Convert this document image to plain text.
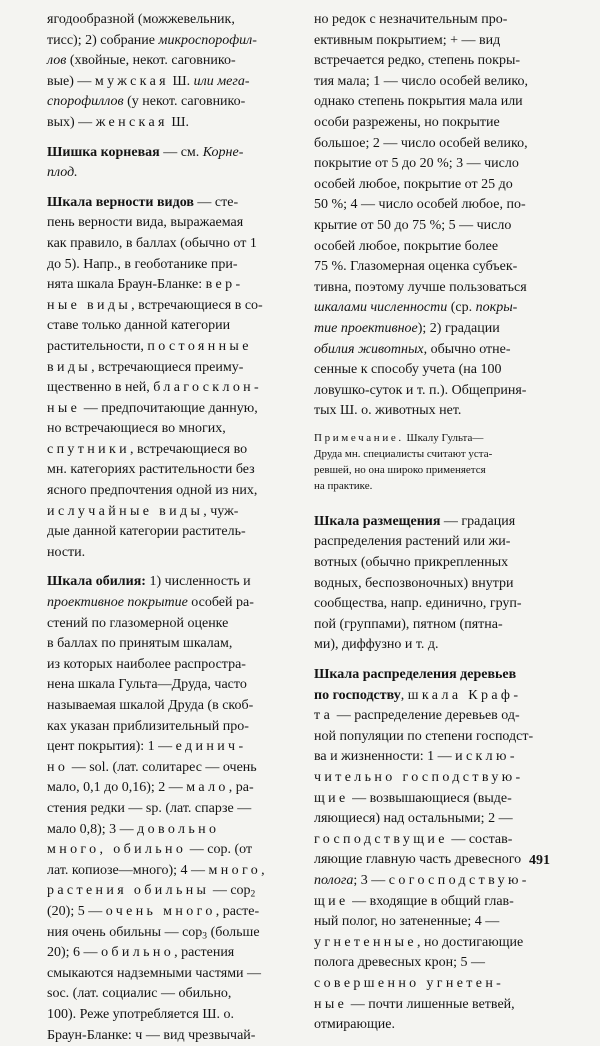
ягодообразной (можжевельник,
тисс); 2) собрание микроспорофил-
лов (хвойные, некот. саговнико-
вые) — мужская Ш. или мега-
спорофиллов (у некот. саговнико-
вых) — женская Ш.
Шишка корневая — см. Корне-
плод.
Шкала верности видов — сте-
пень верности вида, выражаемая
как правило, в баллах (обычно от 1
до 5). Напр., в геоботанике при-
нята шкала Браун-Бланке: вер-
ные виды, встречающиеся в со-
ставе только данной категории
растительности, постоянные
виды, встречающиеся преиму-
щественно в ней, благосклон-
ные — предпочитающие данную,
но встречающиеся во многих,
спутники, встречающиеся во
мн. категориях растительности без
ясного предпочтения одной из них,
и случайные виды, чуж-
дые данной категории раститель-
ности.
Шкала обилия: 1) численность и
проективное покрытие особей ра-
стений по глазомерной оценке
в баллах по принятым шкалам,
из которых наиболее распростра-
нена шкала Гульта—Друда, часто
называемая шкалой Друда (в скоб-
ках указан приблизительный про-
цент покрытия): 1 — единич-
но — sol. (лат. солитарес — очень
мало, 0,1 до 0,16); 2 — мало, ра-
стения редки — sp. (лат. спарзе —
мало 0,8); 3 — довольно
много, обильно — cop. (от
лат. копиозе—много); 4 — много,
растения обильны — cop2
(20); 5 — очень много, расте-
ния очень обильны — cop3 (больше
20); 6 — обильно, растения
смыкаются надземными частями —
soc. (лат. социалис — обильно,
100). Реже употребляется Ш. о.
Браун-Бланке: ч — вид чрезвычай-
но редок с незначительным про-
ективным покрытием; + — вид
встречается редко, степень покры-
тия мала; 1 — число особей велико,
однако степень покрытия мала или
особи разрежены, но покрытие
большое; 2 — число особей велико,
покрытие от 5 до 20 %; 3 — число
особей любое, покрытие от 25 до
50 %; 4 — число особей любое, по-
крытие от 50 до 75 %; 5 — число
особей любое, покрытие более
75 %. Глазомерная оценка субъек-
тивна, поэтому лучше пользоваться
шкалами численности (ср. покры-
тие проективное); 2) градации
обилия животных, обычно отне-
сенные к способу учета (на 100
ловушко-суток и т. п.). Общеприня-
тых Ш. о. животных нет.
Примечание. Шкалу Гульта—
Друда мн. специалисты считают уста-
ревшей, но она широко применяется
на практике.
Шкала размещения — градация
распределения растений или жи-
вотных (обычно прикрепленных
водных, беспозвоночных) внутри
сообщества, напр. единично, груп-
пой (группами), пятном (пятна-
ми), диффузно и т. д.
Шкала распределения деревьев
по господству, шкала Краф-
та — распределение деревьев од-
ной популяции по степени господст-
ва и жизненности: 1 — исклю-
чительно господствую-
щие — возвышающиеся (выде-
ляющиеся) над остальными; 2 —
господствущие — состав-
ляющие главную часть древесного
полога; 3 — согосподствую-
щие — входящие в общий глав-
ный полог, но затененные; 4 —
угнетенные, но достигающие
полога древесных крон; 5 —
совершенно угнетен-
ные — почти лишенные ветвей,
отмирающие.
491
